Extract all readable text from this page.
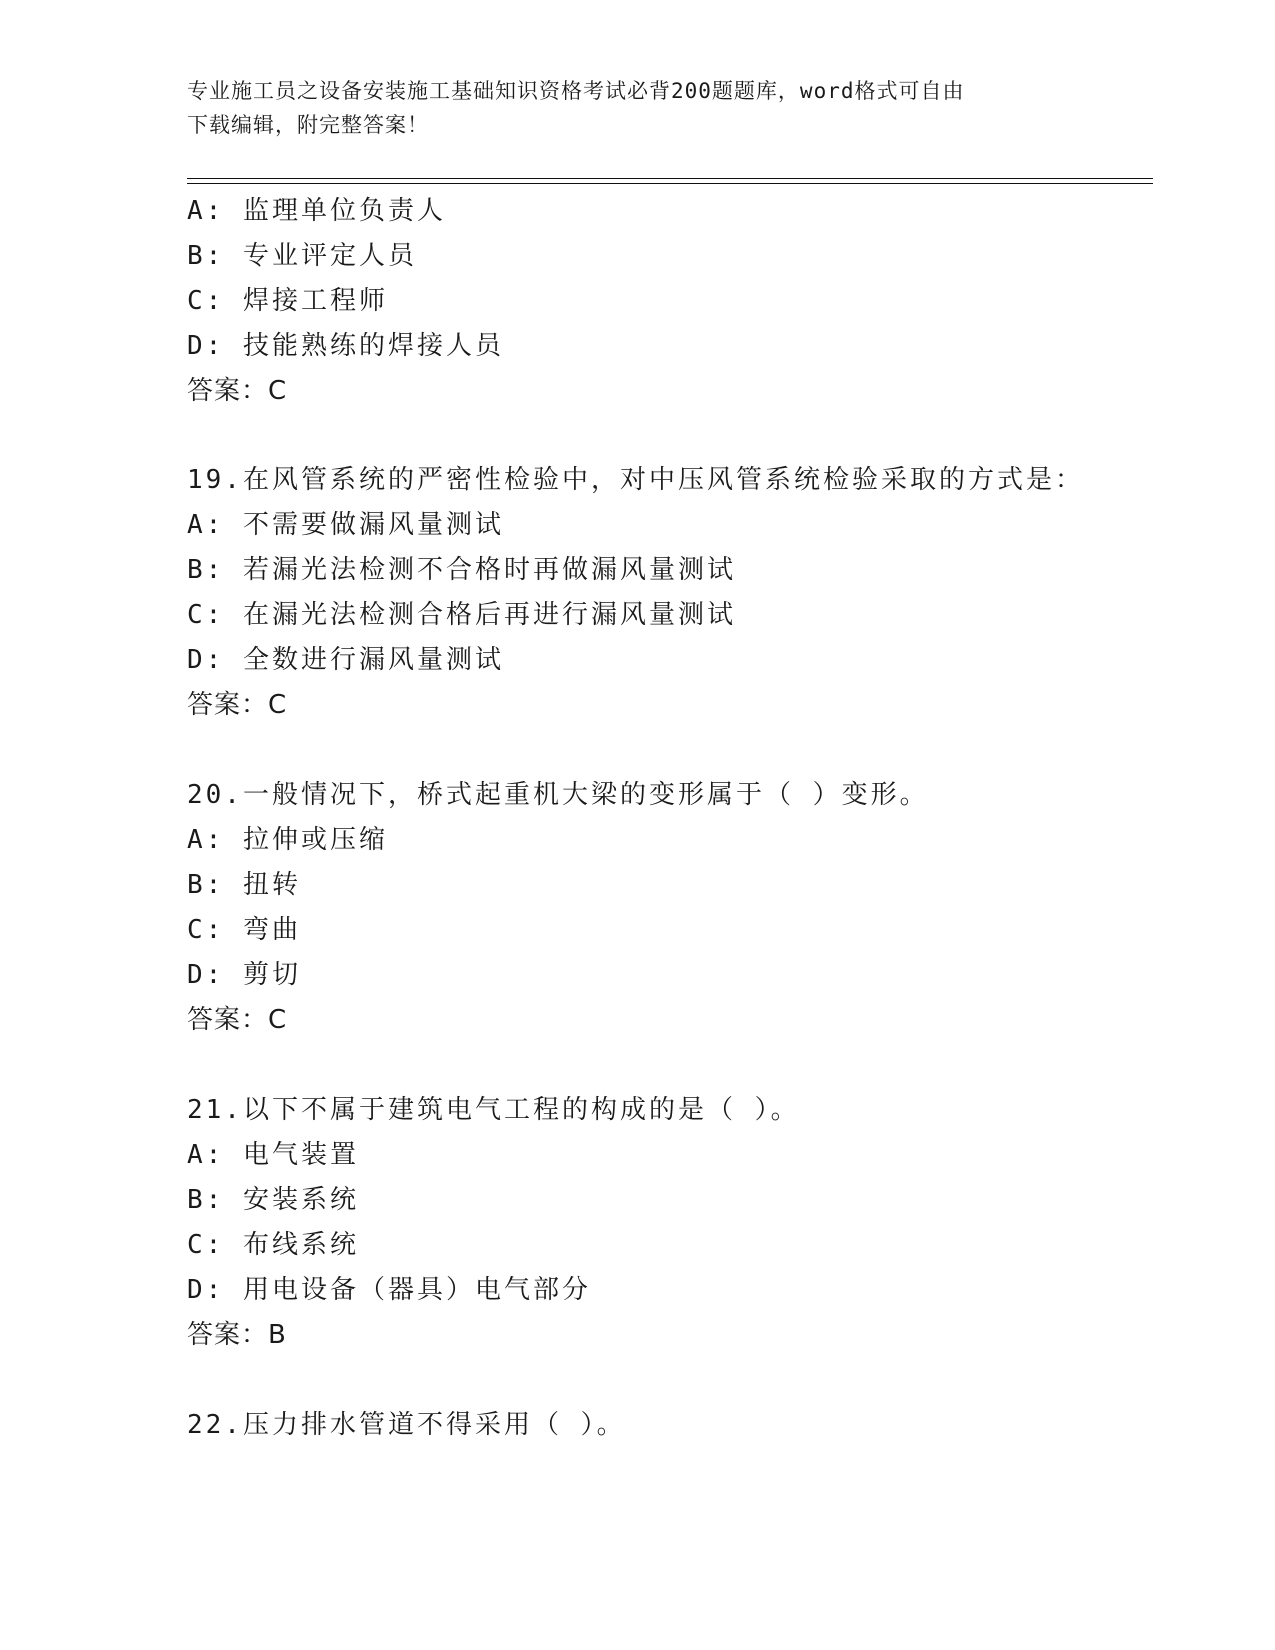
专业施工员之设备安装施工基础知识资格考试必背200题题库，word格式可自由
下载编辑，附完整答案！
A: 监理单位负责人
B: 专业评定人员
C: 焊接工程师
D: 技能熟练的焊接人员
答案：C
19.在风管系统的严密性检验中，对中压风管系统检验采取的方式是：
A: 不需要做漏风量测试
B: 若漏光法检测不合格时再做漏风量测试
C: 在漏光法检测合格后再进行漏风量测试
D: 全数进行漏风量测试
答案：C
20.一般情况下，桥式起重机大梁的变形属于（ ）变形。
A: 拉伸或压缩
B: 扭转
C: 弯曲
D: 剪切
答案：C
21.以下不属于建筑电气工程的构成的是（ ）。
A: 电气装置
B: 安装系统
C: 布线系统
D: 用电设备（器具）电气部分
答案：B
22.压力排水管道不得采用（ ）。
